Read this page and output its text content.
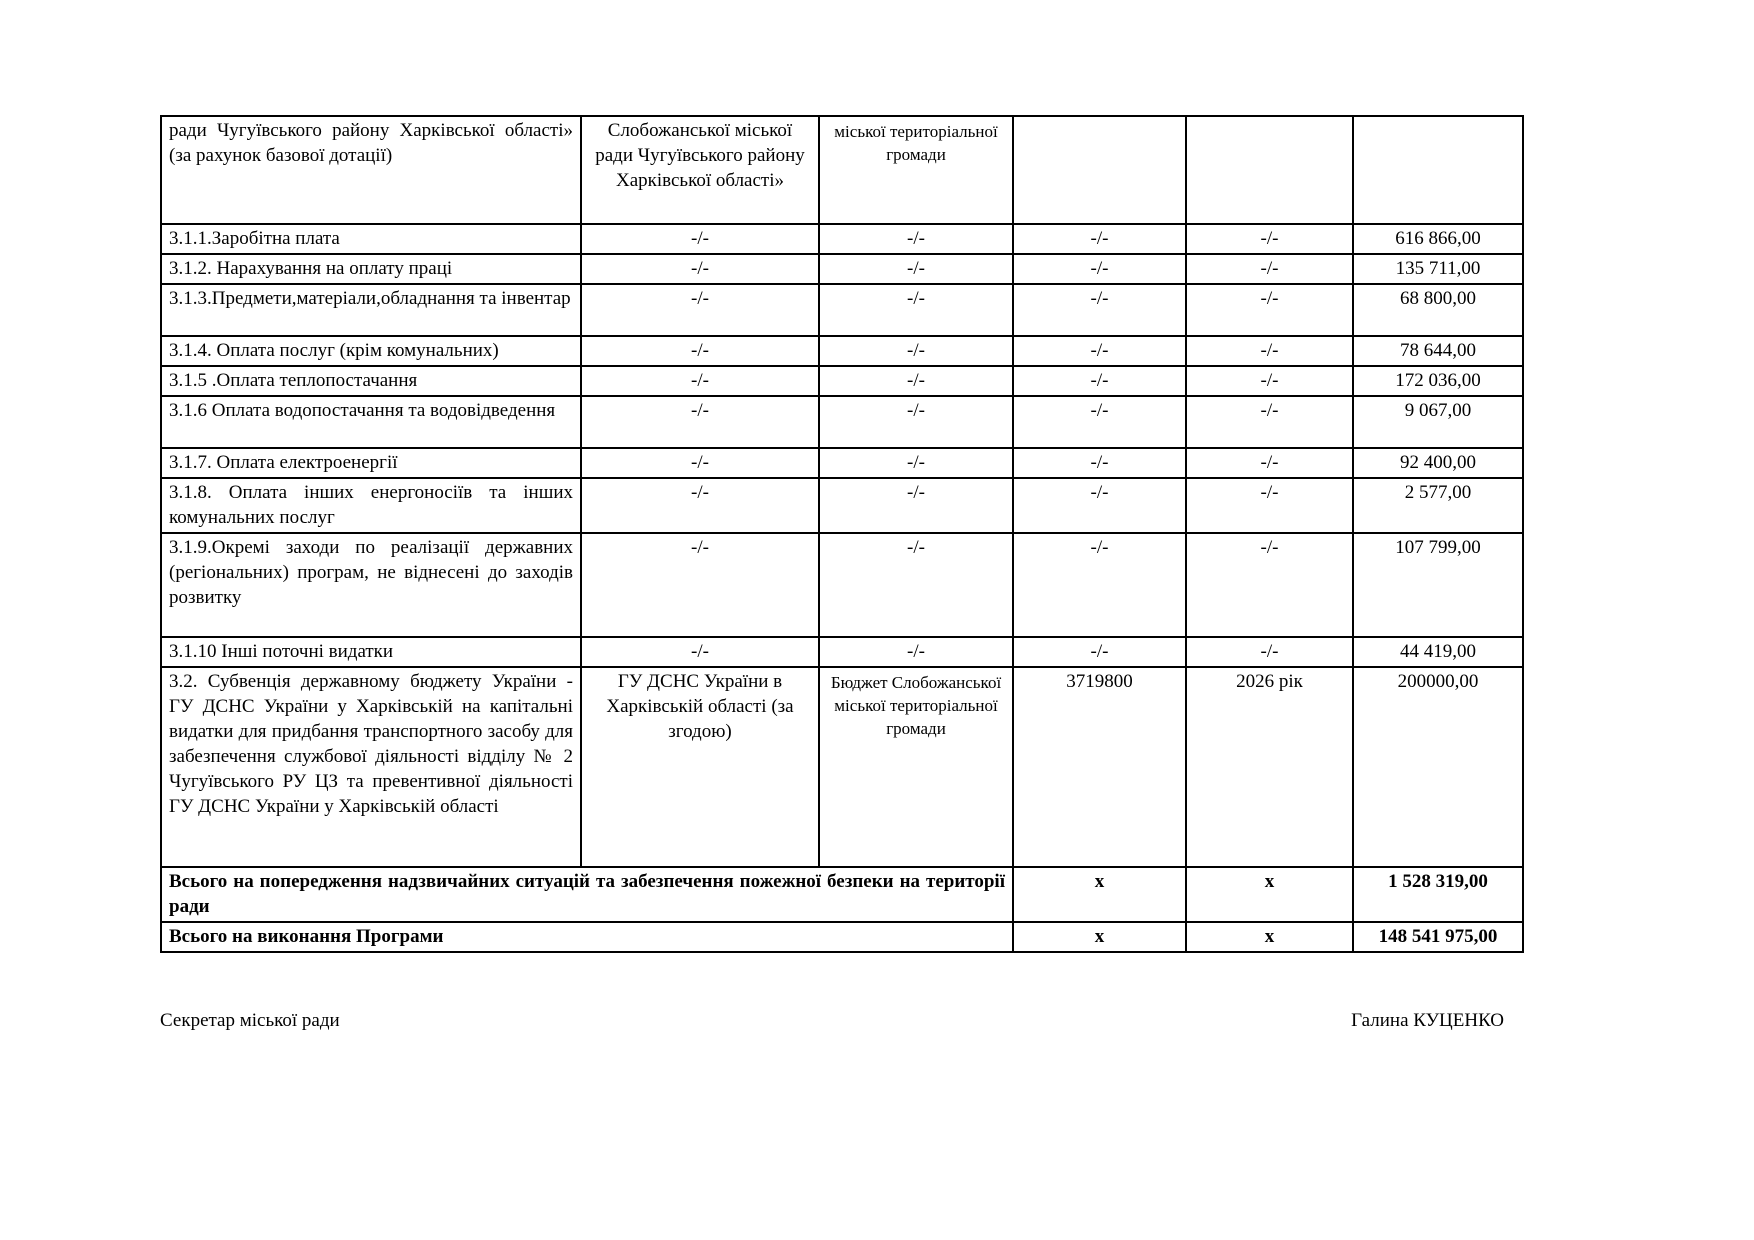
ради Чугуївського району Харківської області» (за рахунок базової дотації)	Слобожанської міської ради Чугуївського району Харківської області»	міської територіальної громади			
3.1.1.Заробітна плата	-/-	-/-	-/-	-/-	616 866,00
3.1.2. Нарахування на оплату праці	-/-	-/-	-/-	-/-	135 711,00
3.1.3.Предмети,матеріали,обладнання та інвентар	-/-	-/-	-/-	-/-	68 800,00
3.1.4. Оплата послуг (крім комунальних)	-/-	-/-	-/-	-/-	78 644,00
3.1.5 .Оплата теплопостачання	-/-	-/-	-/-	-/-	172 036,00
3.1.6 Оплата водопостачання та водовідведення	-/-	-/-	-/-	-/-	9 067,00
3.1.7. Оплата електроенергії	-/-	-/-	-/-	-/-	92 400,00
3.1.8. Оплата інших енергоносіїв та інших комунальних послуг	-/-	-/-	-/-	-/-	2 577,00
3.1.9.Окремі заходи по реалізації державних (регіональних) програм, не віднесені до заходів розвитку	-/-	-/-	-/-	-/-	107 799,00
3.1.10 Інші поточні видатки	-/-	-/-	-/-	-/-	44 419,00
3.2. Субвенція державному бюджету України - ГУ ДСНС України у Харківській на капітальні видатки для придбання транспортного засобу для забезпечення службової діяльності відділу № 2 Чугуївського РУ ЦЗ та превентивної діяльності ГУ ДСНС України у Харківській області	ГУ ДСНС України в Харківській області (за згодою)	Бюджет Слобожанської міської територіальної громади	3719800	2026 рік	200000,00
Всього на попередження надзвичайних ситуацій та забезпечення пожежної безпеки на території ради			x	x	1 528 319,00
Всього на виконання Програми			x	x	148 541 975,00
Секретар міської ради	Галина КУЦЕНКО
